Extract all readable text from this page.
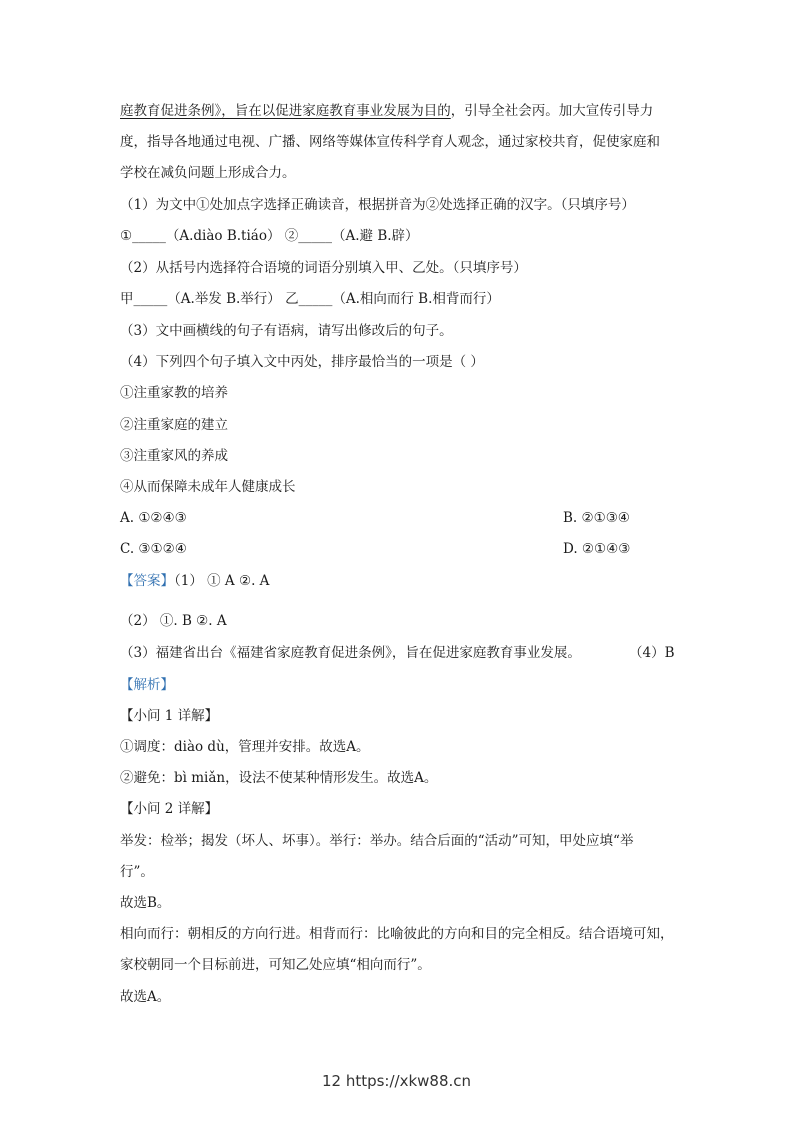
庭教育促进条例》，旨在以促进家庭教育事业发展为目的，引导全社会丙。加大宣传引导力
度，指导各地通过电视、广播、网络等媒体宣传科学育人观念，通过家校共育，促使家庭和
学校在减负问题上形成合力。
（1）为文中①处加点字选择正确读音，根据拼音为②处选择正确的汉字。（只填序号）
①_____（A.diào B.tiáo） ②_____（A.避 B.辟）
（2）从括号内选择符合语境的词语分别填入甲、乙处。（只填序号）
甲_____（A.举发 B.举行） 乙_____（A.相向而行 B.相背而行）
（3）文中画横线的句子有语病，请写出修改后的句子。
（4）下列四个句子填入文中丙处，排序最恰当的一项是（ ）
①注重家教的培养
②注重家庭的建立
③注重家风的养成
④从而保障未成年人健康成长
A. ①②④③	B. ②①③④
C. ③①②④	D. ②①④③
【答案】（1） ① A ②. A
（2） ①. B ②. A
（3）福建省出台《福建省家庭教育促进条例》，旨在促进家庭教育事业发展。	（4）B
【解析】
【小问 1 详解】
①调度：diào dù，管理并安排。故选A。
②避免：bì miǎn，设法不使某种情形发生。故选A。
【小问 2 详解】
举发：检举；揭发（坏人、坏事）。举行：举办。结合后面的“活动”可知，甲处应填“举
行”。
故选B。
相向而行：朝相反的方向行进。相背而行：比喻彼此的方向和目的完全相反。结合语境可知，
家校朝同一个目标前进，可知乙处应填“相向而行”。
故选A。
12 https://xkw88.cn
